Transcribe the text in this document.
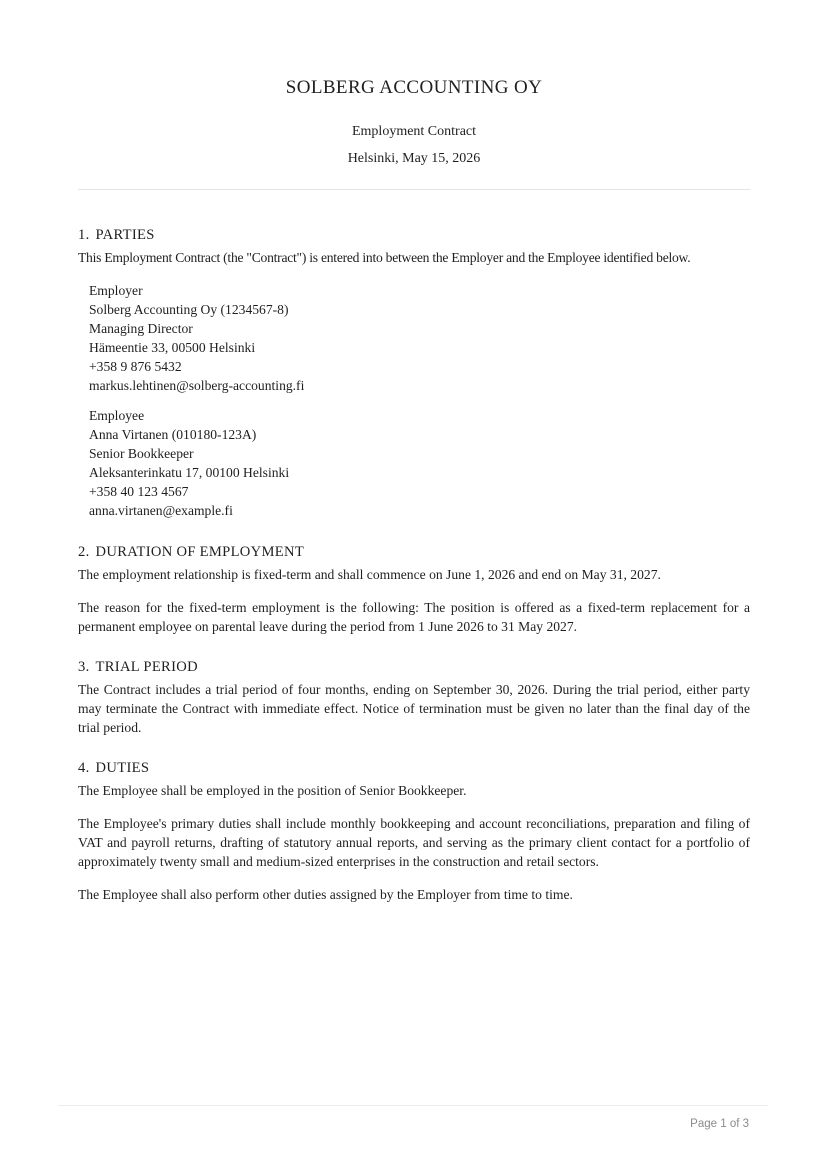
SOLBERG ACCOUNTING OY
Employment Contract
Helsinki, May 15, 2026
1. PARTIES

This Employment Contract (the "Contract") is entered into between the Employer and the Employee identified below.

Employer
Solberg Accounting Oy (1234567-8)
Managing Director
Hämeentie 33, 00500 Helsinki
+358 9 876 5432
markus.lehtinen@solberg-accounting.fi
Employee
Anna Virtanen (010180-123A)
Senior Bookkeeper
Aleksanterinkatu 17, 00100 Helsinki
+358 40 123 4567
anna.virtanen@example.fi
2. DURATION OF EMPLOYMENT

The employment relationship is fixed-term and shall commence on June 1, 2026 and end on May 31, 2027.

The reason for the fixed-term employment is the following: The position is offered as a fixed-term replacement for a permanent employee on parental leave during the period from 1 June 2026 to 31 May 2027.

3. TRIAL PERIOD

The Contract includes a trial period of four months, ending on September 30, 2026. During the trial period, either party may terminate the Contract with immediate effect. Notice of termination must be given no later than the final day of the trial period.

4. DUTIES

The Employee shall be employed in the position of Senior Bookkeeper.

The Employee's primary duties shall include monthly bookkeeping and account reconciliations, preparation and filing of VAT and payroll returns, drafting of statutory annual reports, and serving as the primary client contact for a portfolio of approximately twenty small and medium-sized enterprises in the construction and retail sectors.

The Employee shall also perform other duties assigned by the Employer from time to time.

Page 1 of 3
